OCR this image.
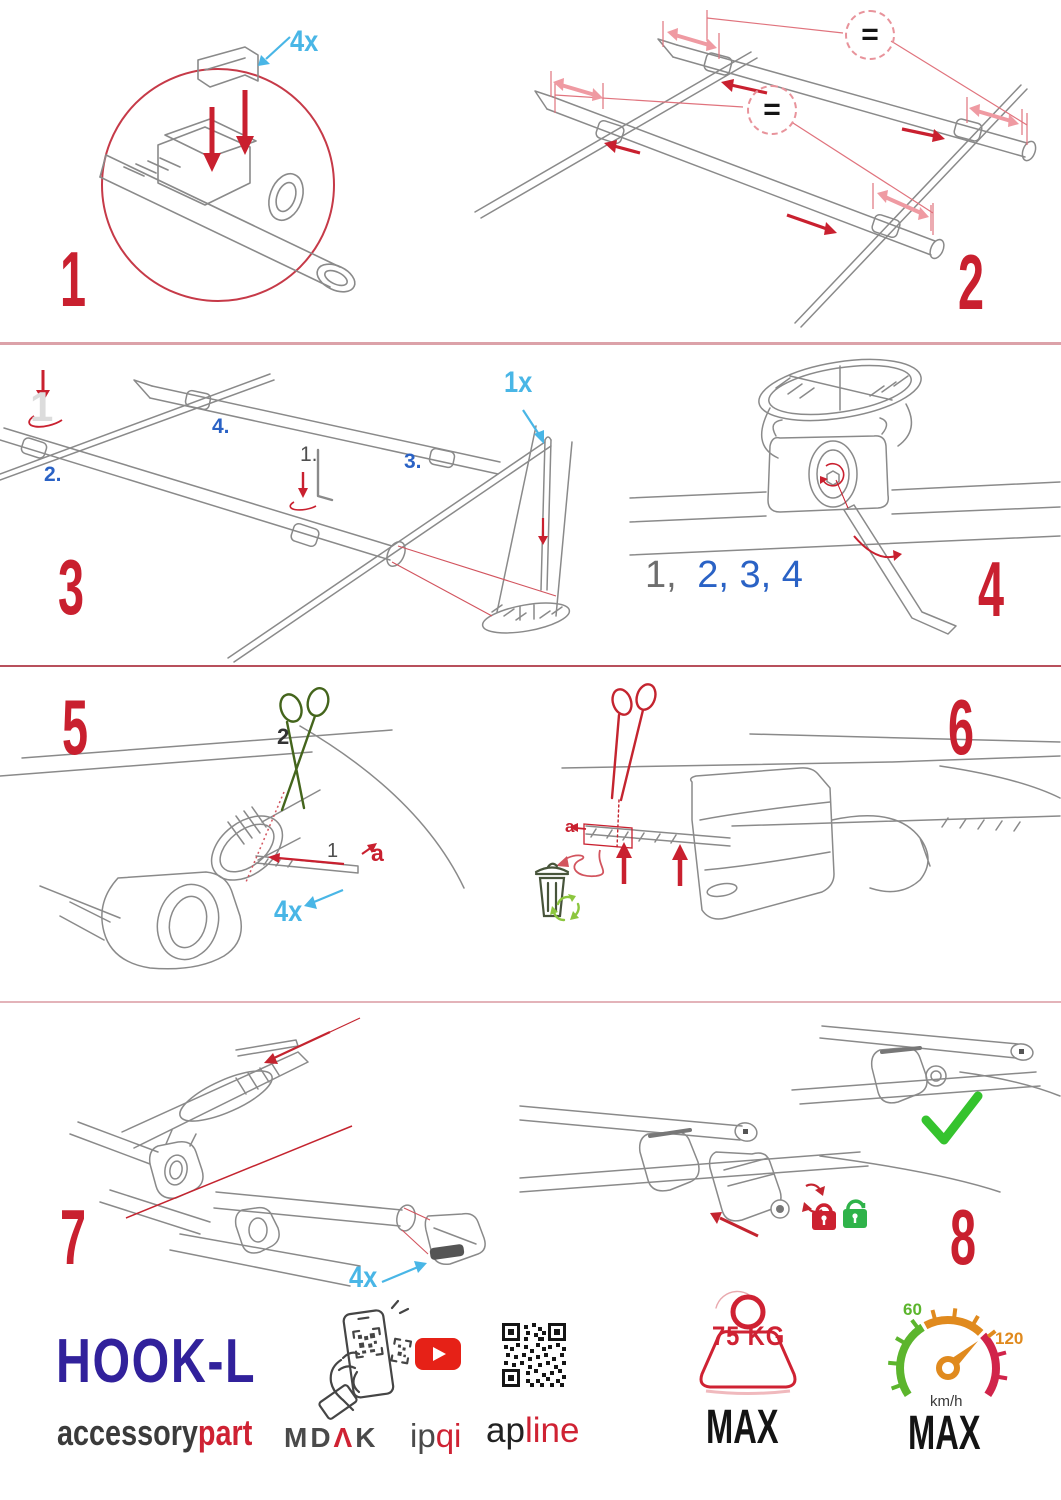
4x
1
=
=
2
1
2.
4.
1.	3.
1x
3	1, 2, 3, 4 4
2
1 a
4x
5
a
6
4x
7	8
HOOK-L
accessorypart MDΛK ipqi apline
75 KG
MAX
60
120
km/h
MAX
